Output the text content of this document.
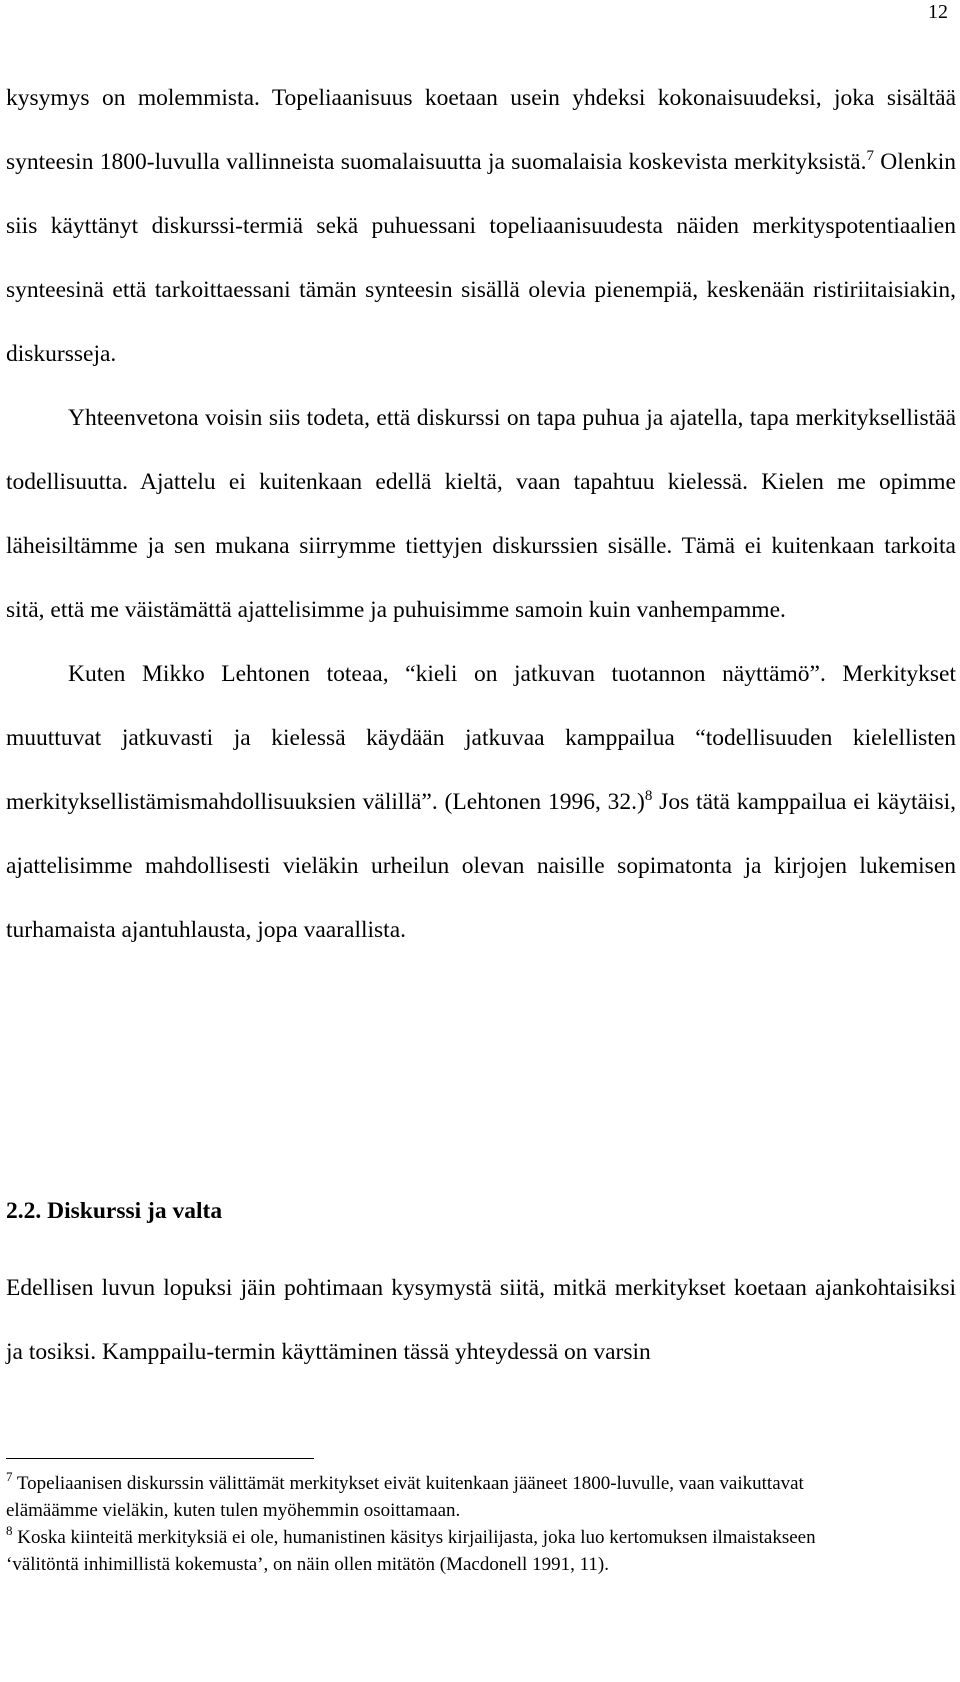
12

kysymys on molemmista. Topeliaanisuus koetaan usein yhdeksi kokonaisuudeksi, joka sisältää synteesin 1800-luvulla vallinneista suomalaisuutta ja suomalaisia koskevista merkityksistä.$^7$ Olenkin siis käyttänyt diskurssi-termiä sekä puhuessani topeliaanisuudesta näiden merkityspotentiaalien synteesinä että tarkoittaessani tämän synteesin sisällä olevia pienempiä, keskenään ristiriitaisiakin, diskursseja.

Yhteenvetona voisin siis todeta, että diskurssi on tapa puhua ja ajatella, tapa merkityksellistää todellisuutta. Ajattelu ei kuitenkaan edellä kieltä, vaan tapahtuu kielessä. Kielen me opimme läheisiltämme ja sen mukana siirrymme tiettyjen diskurssien sisälle. Tämä ei kuitenkaan tarkoita sitä, että me väistämättä ajattelisimme ja puhuisimme samoin kuin vanhempamme.

Kuten Mikko Lehtonen toteaa, “kieli on jatkuvan tuotannon näyttämö”. Merkitykset muuttuvat jatkuvasti ja kielessä käydään jatkuvaa kamppailua “todellisuuden kielellisten merkityksellistämismahdollisuuksien välillä”. (Lehtonen 1996, 32.)$^8$ Jos tätä kamppailua ei käytäisi, ajattelisimme mahdollisesti vieläkin urheilun olevan naisille sopimatonta ja kirjojen lukemisen turhamaista ajantuhlausta, jopa vaarallista.

2.2. Diskurssi ja valta

Edellisen luvun lopuksi jäin pohtimaan kysymystä siitä, mitkä merkitykset koetaan ajankohtaisiksi ja tosiksi. Kamppailu-termin käyttäminen tässä yhteydessä on varsin

$^7$ Topeliaanisen diskurssin välittämät merkitykset eivät kuitenkaan jääneet 1800-luvulle, vaan vaikuttavat elämäämme vieläkin, kuten tulen myöhemmin osoittamaan.

$^8$ Koska kiinteitä merkityksiä ei ole, humanistinen käsitys kirjailijasta, joka luo kertomuksen ilmaistakseen ‘välitöntä inhimillistä kokemusta’, on näin ollen mitätön (Macdonell 1991, 11).
